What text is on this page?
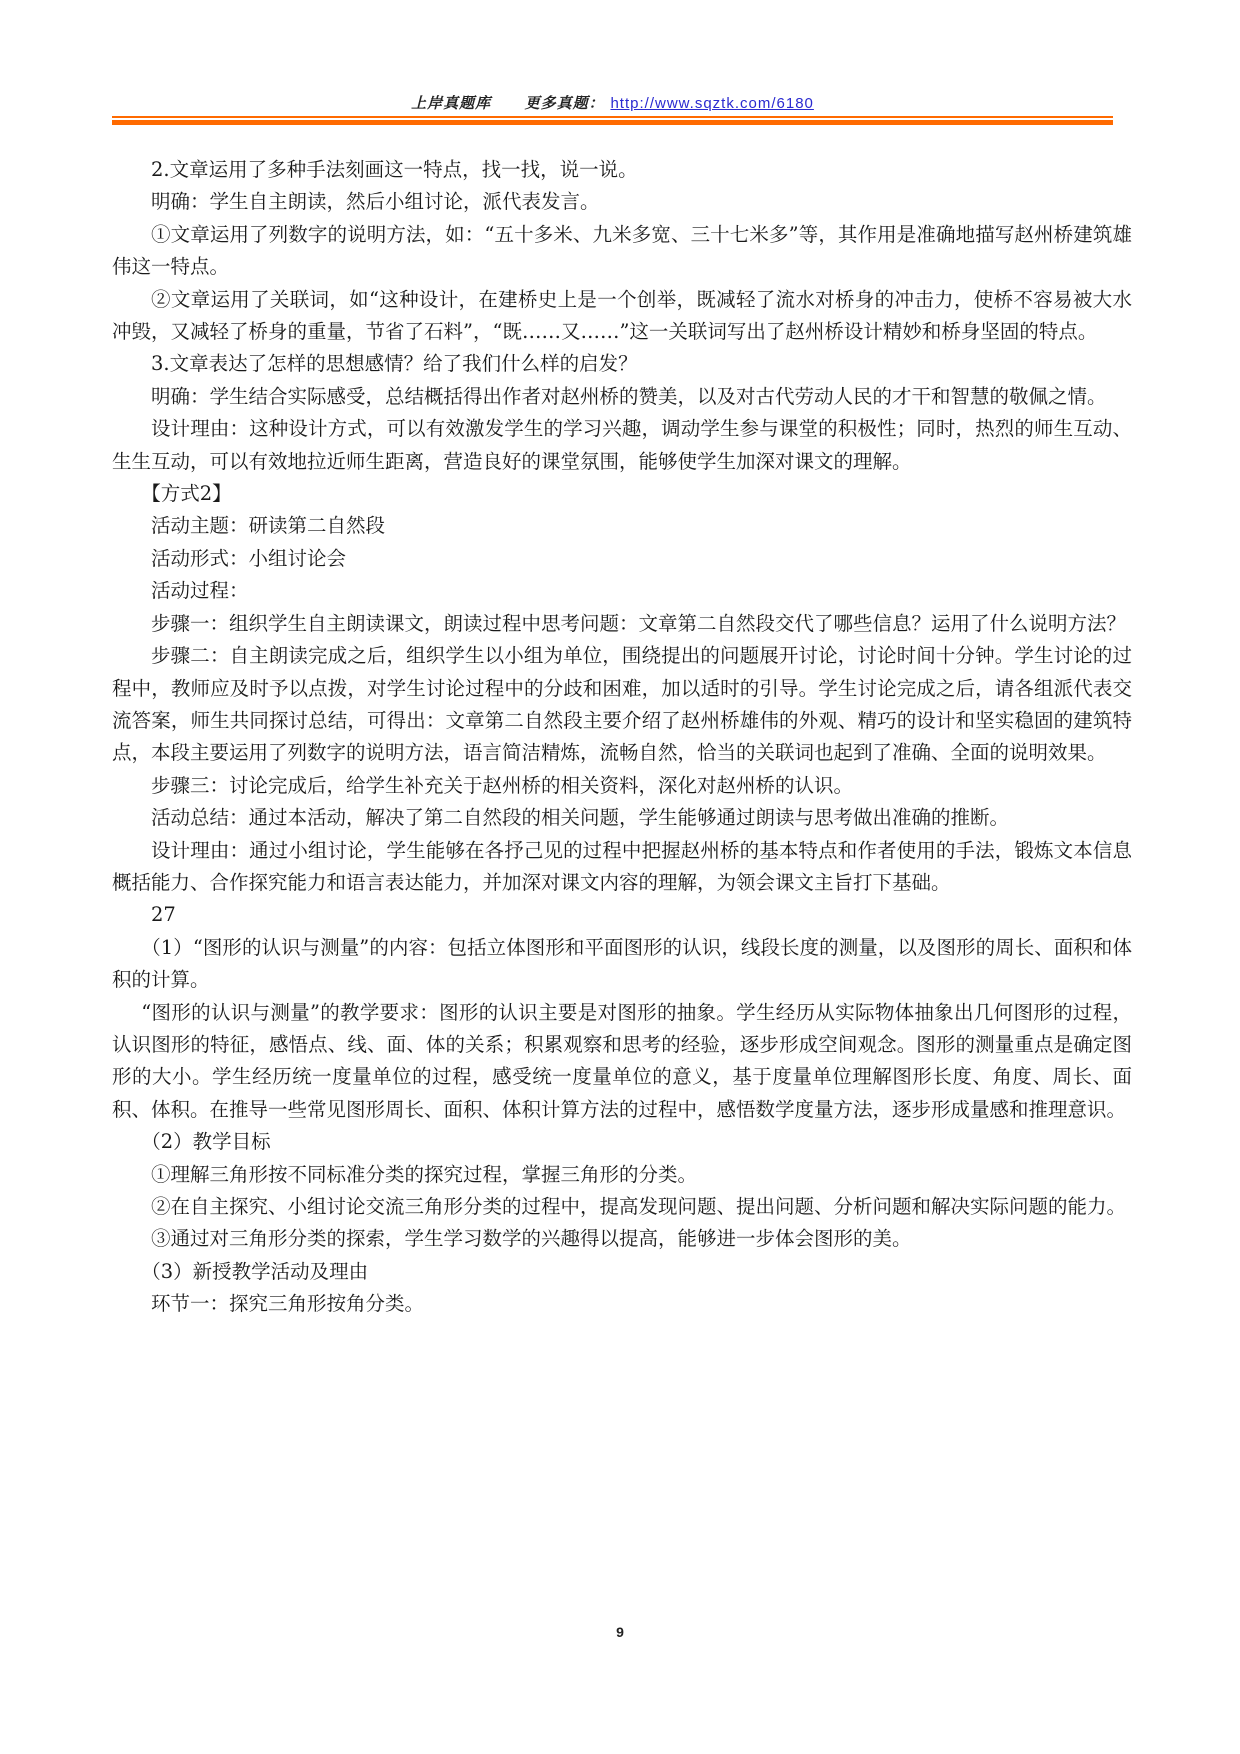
上岸真题库 更多真题： http://www.sqztk.com/6180

2.文章运用了多种手法刻画这一特点，找一找，说一说。

明确：学生自主朗读，然后小组讨论，派代表发言。

①文章运用了列数字的说明方法，如：“五十多米、九米多宽、三十七米多”等，其作用是准确地描写赵州桥建筑雄伟这一特点。

②文章运用了关联词，如“这种设计，在建桥史上是一个创举，既减轻了流水对桥身的冲击力，使桥不容易被大水冲毁，又减轻了桥身的重量，节省了石料”，“既……又……”这一关联词写出了赵州桥设计精妙和桥身坚固的特点。

3.文章表达了怎样的思想感情？给了我们什么样的启发？

明确：学生结合实际感受，总结概括得出作者对赵州桥的赞美，以及对古代劳动人民的才干和智慧的敬佩之情。

设计理由：这种设计方式，可以有效激发学生的学习兴趣，调动学生参与课堂的积极性；同时，热烈的师生互动、生生互动，可以有效地拉近师生距离，营造良好的课堂氛围，能够使学生加深对课文的理解。

【方式2】

活动主题：研读第二自然段

活动形式：小组讨论会

活动过程：

步骤一：组织学生自主朗读课文，朗读过程中思考问题：文章第二自然段交代了哪些信息？运用了什么说明方法？

步骤二：自主朗读完成之后，组织学生以小组为单位，围绕提出的问题展开讨论，讨论时间十分钟。学生讨论的过程中，教师应及时予以点拨，对学生讨论过程中的分歧和困难，加以适时的引导。学生讨论完成之后，请各组派代表交流答案，师生共同探讨总结，可得出：文章第二自然段主要介绍了赵州桥雄伟的外观、精巧的设计和坚实稳固的建筑特点，本段主要运用了列数字的说明方法，语言简洁精炼，流畅自然，恰当的关联词也起到了准确、全面的说明效果。

步骤三：讨论完成后，给学生补充关于赵州桥的相关资料，深化对赵州桥的认识。

活动总结：通过本活动，解决了第二自然段的相关问题，学生能够通过朗读与思考做出准确的推断。

设计理由：通过小组讨论，学生能够在各抒己见的过程中把握赵州桥的基本特点和作者使用的手法，锻炼文本信息概括能力、合作探究能力和语言表达能力，并加深对课文内容的理解，为领会课文主旨打下基础。

27

（1）“图形的认识与测量”的内容：包括立体图形和平面图形的认识，线段长度的测量，以及图形的周长、面积和体积的计算。

“图形的认识与测量”的教学要求：图形的认识主要是对图形的抽象。学生经历从实际物体抽象出几何图形的过程，认识图形的特征，感悟点、线、面、体的关系；积累观察和思考的经验，逐步形成空间观念。图形的测量重点是确定图形的大小。学生经历统一度量单位的过程，感受统一度量单位的意义，基于度量单位理解图形长度、角度、周长、面积、体积。在推导一些常见图形周长、面积、体积计算方法的过程中，感悟数学度量方法，逐步形成量感和推理意识。

（2）教学目标

①理解三角形按不同标准分类的探究过程，掌握三角形的分类。

②在自主探究、小组讨论交流三角形分类的过程中，提高发现问题、提出问题、分析问题和解决实际问题的能力。

③通过对三角形分类的探索，学生学习数学的兴趣得以提高，能够进一步体会图形的美。

（3）新授教学活动及理由

环节一：探究三角形按角分类。

9
